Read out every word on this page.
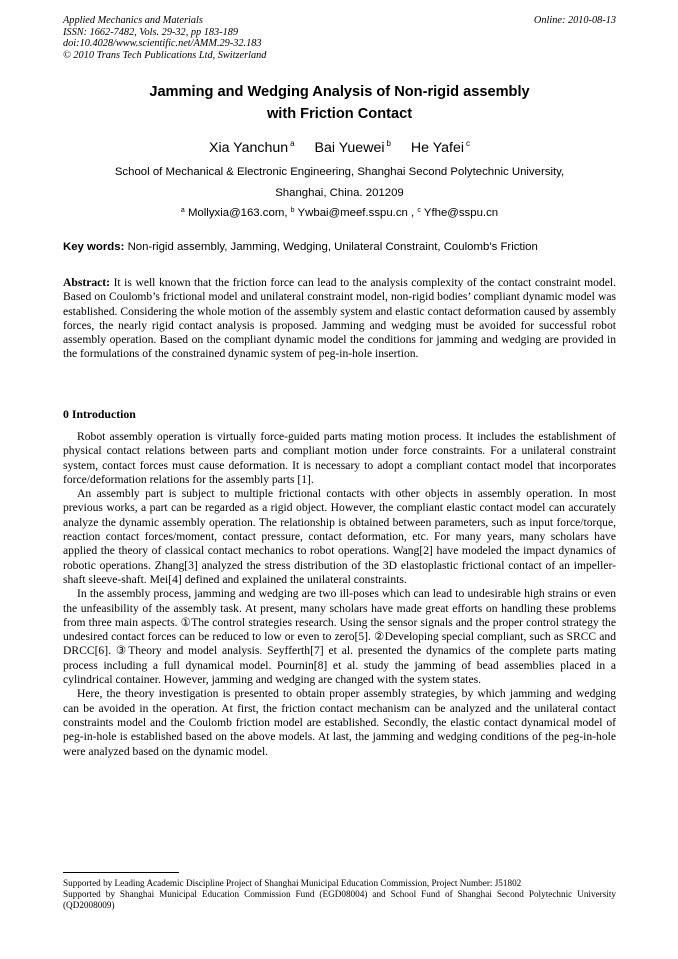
Applied Mechanics and Materials
ISSN: 1662-7482, Vols. 29-32, pp 183-189
doi:10.4028/www.scientific.net/AMM.29-32.183
© 2010 Trans Tech Publications Ltd, Switzerland
Online: 2010-08-13
Jamming and Wedging Analysis of Non-rigid assembly
with Friction Contact
Xia Yanchun $^a$ Bai Yuewei $^b$ He Yafei $^c$
School of Mechanical & Electronic Engineering, Shanghai Second Polytechnic University,
Shanghai, China. 201209
$^a$ Mollyxia@163.com, $^b$ Ywbai@meef.sspu.cn , $^c$ Yfhe@sspu.cn
Key words: Non-rigid assembly, Jamming, Wedging, Unilateral Constraint, Coulomb’s Friction
Abstract: It is well known that the friction force can lead to the analysis complexity of the contact constraint model. Based on Coulomb’s frictional model and unilateral constraint model, non-rigid bodies’ compliant dynamic model was established. Considering the whole motion of the assembly system and elastic contact deformation caused by assembly forces, the nearly rigid contact analysis is proposed. Jamming and wedging must be avoided for successful robot assembly operation. Based on the compliant dynamic model the conditions for jamming and wedging are provided in the formulations of the constrained dynamic system of peg-in-hole insertion.
0 Introduction

Robot assembly operation is virtually force-guided parts mating motion process. It includes the establishment of physical contact relations between parts and compliant motion under force constraints. For a unilateral constraint system, contact forces must cause deformation. It is necessary to adopt a compliant contact model that incorporates force/deformation relations for the assembly parts [1].

An assembly part is subject to multiple frictional contacts with other objects in assembly operation. In most previous works, a part can be regarded as a rigid object. However, the compliant elastic contact model can accurately analyze the dynamic assembly operation. The relationship is obtained between parameters, such as input force/torque, reaction contact forces/moment, contact pressure, contact deformation, etc. For many years, many scholars have applied the theory of classical contact mechanics to robot operations. Wang[2] have modeled the impact dynamics of robotic operations. Zhang[3] analyzed the stress distribution of the 3D elastoplastic frictional contact of an impeller-shaft sleeve-shaft. Mei[4] defined and explained the unilateral constraints.

In the assembly process, jamming and wedging are two ill-poses which can lead to undesirable high strains or even the unfeasibility of the assembly task. At present, many scholars have made great efforts on handling these problems from three main aspects. ①The control strategies research. Using the sensor signals and the proper control strategy the undesired contact forces can be reduced to low or even to zero[5]. ②Developing special compliant, such as SRCC and DRCC[6]. ③Theory and model analysis. Seyfferth[7] et al. presented the dynamics of the complete parts mating process including a full dynamical model. Pournin[8] et al. study the jamming of bead assemblies placed in a cylindrical container. However, jamming and wedging are changed with the system states.

Here, the theory investigation is presented to obtain proper assembly strategies, by which jamming and wedging can be avoided in the operation. At first, the friction contact mechanism can be analyzed and the unilateral contact constraints model and the Coulomb friction model are established. Secondly, the elastic contact dynamical model of peg-in-hole is established based on the above models. At last, the jamming and wedging conditions of the peg-in-hole were analyzed based on the dynamic model.

Supported by Leading Academic Discipline Project of Shanghai Municipal Education Commission, Project Number: J51802
Supported by Shanghai Municipal Education Commission Fund (EGD08004) and School Fund of Shanghai Second Polytechnic University (QD2008009)
